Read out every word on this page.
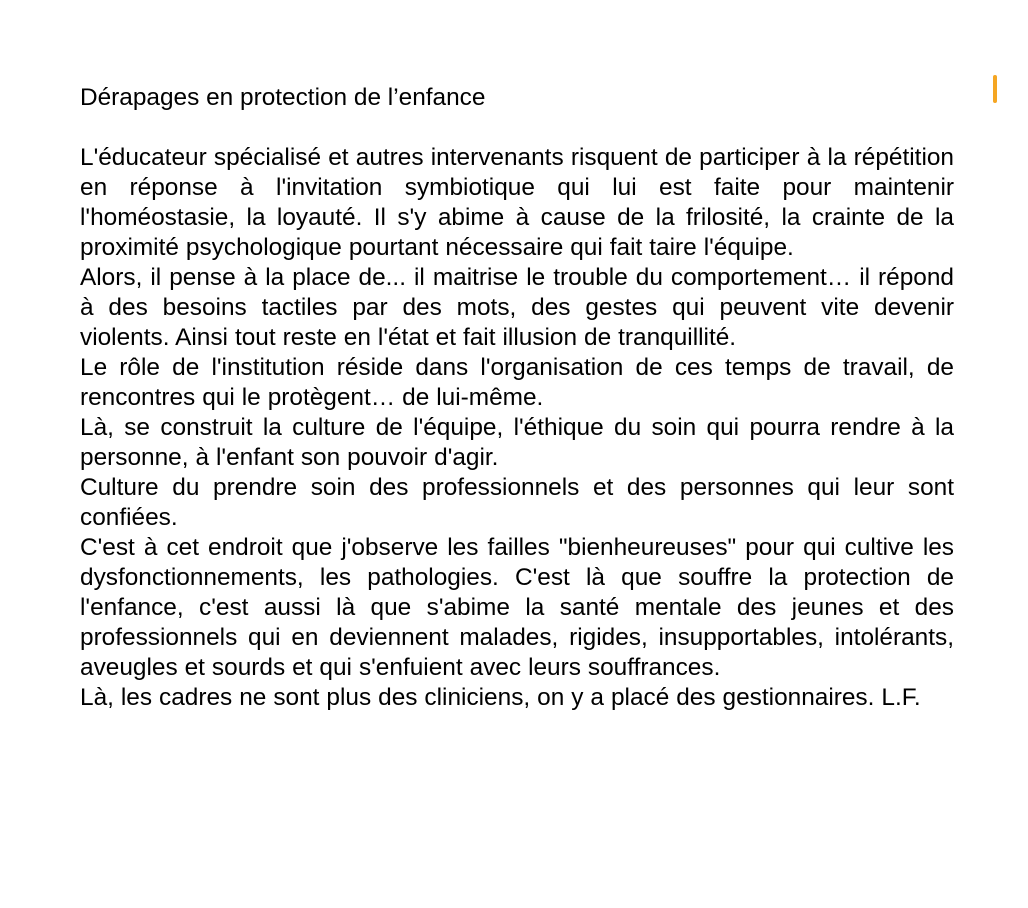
Dérapages en protection de l’enfance

L'éducateur spécialisé et autres intervenants risquent de participer à la répétition en réponse à l'invitation symbiotique qui lui est faite pour maintenir l'homéostasie, la loyauté. Il s'y abime à cause de la frilosité, la crainte de la proximité psychologique pourtant nécessaire qui fait taire l'équipe.

Alors, il pense à la place de... il maitrise le trouble du comportement… il répond à des besoins tactiles par des mots, des gestes qui peuvent vite devenir violents. Ainsi tout reste en l'état et fait illusion de tranquillité.

Le rôle de l'institution réside dans l'organisation de ces temps de travail, de rencontres qui le protègent… de lui-même.

Là, se construit la culture de l'équipe, l'éthique du soin qui pourra rendre à la personne, à l'enfant son pouvoir d'agir.

Culture du prendre soin des professionnels et des personnes qui leur sont confiées.

C'est à cet endroit que j'observe les failles "bienheureuses" pour qui cultive les dysfonctionnements, les pathologies. C'est là que souffre la protection de l'enfance, c'est aussi là que s'abime la santé mentale des jeunes et des professionnels qui en deviennent malades, rigides, insupportables, intolérants, aveugles et sourds et qui s'enfuient avec leurs souffrances.

Là, les cadres ne sont plus des cliniciens, on y a placé des gestionnaires. L.F.
